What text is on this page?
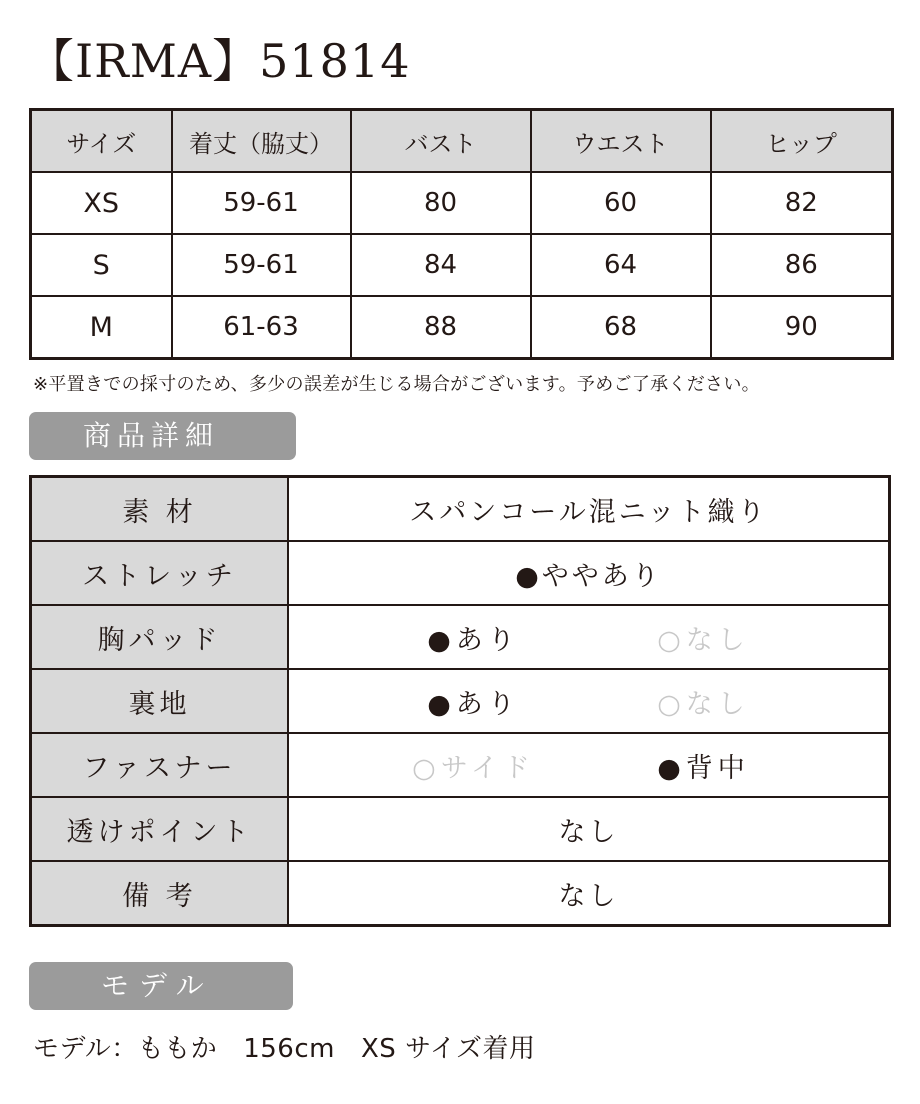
【IRMA】51814
サイズ	着丈（脇丈）	バスト	ウエスト	ヒップ
XS	59-61	80	60	82
S	59-61	84	64	86
M	61-63	88	68	90
※平置きでの採寸のため、多少の誤差が生じる場合がございます。予めご了承ください。
商品詳細
素 材	スパンコール混ニット織り
ストレッチ	●ややあり
胸パッド	●あり ○なし
裏地	●あり ○なし
ファスナー	○サイド ●背中
透けポイント	なし
備 考	なし
モデル
モデル：ももか 156cm XS サイズ着用
